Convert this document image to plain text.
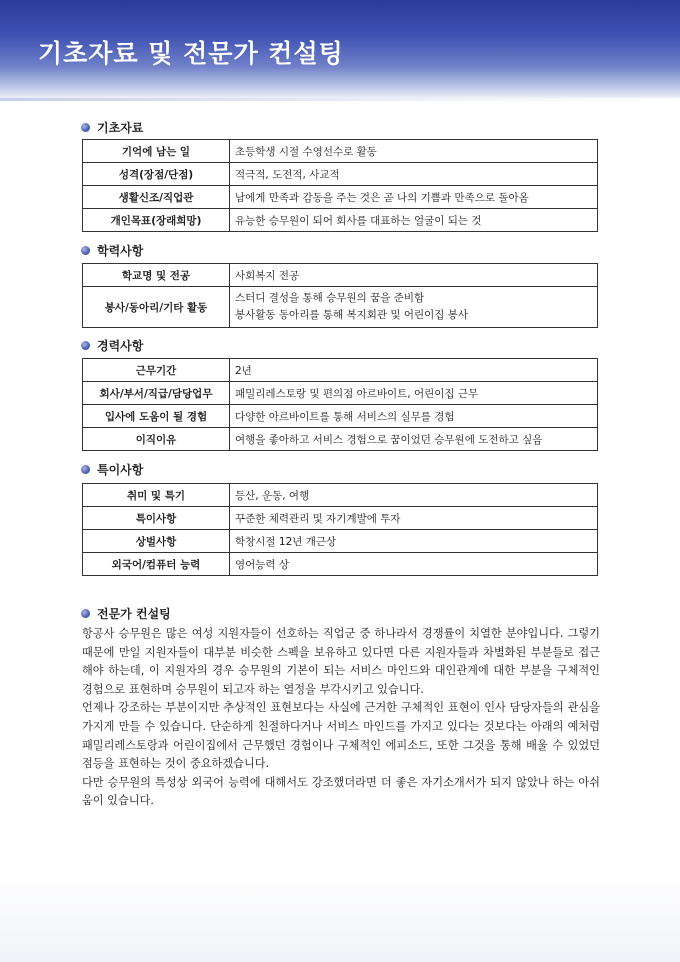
기초자료 및 전문가 컨설팅
기초자료
기억에 남는 일	초등학생 시절 수영선수로 활동
성격(장점/단점)	적극적, 도전적, 사교적
생활신조/직업관	남에게 만족과 감동을 주는 것은 곧 나의 기쁨과 만족으로 돌아옴
개인목표(장래희망)	유능한 승무원이 되어 회사를 대표하는 얼굴이 되는 것
학력사항
학교명 및 전공	사회복지 전공
봉사/동아리/기타 활동	스터디 결성을 통해 승무원의 꿈을 준비함
봉사활동 동아리를 통해 복지회관 및 어린이집 봉사
경력사항
근무기간	2년
회사/부서/직급/담당업무	패밀리레스토랑 및 편의점 아르바이트, 어린이집 근무
입사에 도움이 될 경험	다양한 아르바이트를 통해 서비스의 실무를 경험
이직이유	여행을 좋아하고 서비스 경험으로 꿈이었던 승무원에 도전하고 싶음
특이사항
취미 및 특기	등산, 운동, 여행
특이사항	꾸준한 체력관리 및 자기계발에 투자
상벌사항	학창시절 12년 개근상
외국어/컴퓨터 능력	영어능력 상
전문가 컨설팅

항공사 승무원은 많은 여성 지원자들이 선호하는 직업군 중 하나라서 경쟁률이 치열한 분야입니다. 그렇기 때문에 만일 지원자들이 대부분 비슷한 스펙을 보유하고 있다면 다른 지원자들과 차별화된 부분들로 접근해야 하는데, 이 지원자의 경우 승무원의 기본이 되는 서비스 마인드와 대인관계에 대한 부분을 구체적인 경험으로 표현하며 승무원이 되고자 하는 열정을 부각시키고 있습니다.

언제나 강조하는 부분이지만 추상적인 표현보다는 사실에 근거한 구체적인 표현이 인사 담당자들의 관심을 가지게 만들 수 있습니다. 단순하게 친절하다거나 서비스 마인드를 가지고 있다는 것보다는 아래의 예처럼 패밀리레스토랑과 어린이집에서 근무했던 경험이나 구체적인 에피소드, 또한 그것을 통해 배울 수 있었던 점등을 표현하는 것이 중요하겠습니다.

다만 승무원의 특성상 외국어 능력에 대해서도 강조했더라면 더 좋은 자기소개서가 되지 않았나 하는 아쉬움이 있습니다.
